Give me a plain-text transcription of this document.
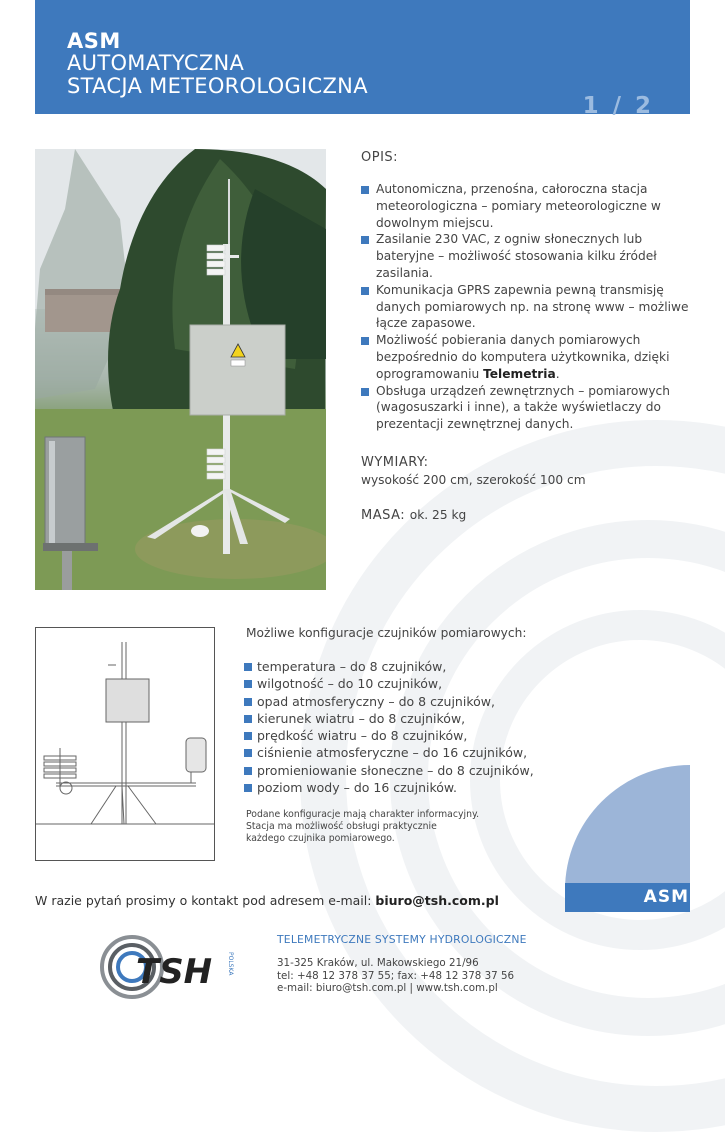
ASM
AUTOMATYCZNA
STACJA METEOROLOGICZNA
1 / 2
OPIS:
Autonomiczna, przenośna, całoroczna stacja meteorologiczna – pomiary meteorologiczne w dowolnym miejscu.
Zasilanie 230 VAC, z ogniw słonecznych lub bateryjne – możliwość stosowania kilku źródeł zasilania.
Komunikacja GPRS zapewnia pewną transmisję danych pomiarowych np. na stronę www – możliwe łącze zapasowe.
Możliwość pobierania danych pomiarowych bezpośrednio do komputera użytkownika, dzięki oprogramowaniu Telemetria.
Obsługa urządzeń zewnętrznych – pomiarowych (wagosuszarki i inne), a także wyświetlaczy do prezentacji zewnętrznej danych.
WYMIARY:
wysokość 200 cm, szerokość 100 cm
MASA: ok. 25 kg
Możliwe konfiguracje czujników pomiarowych:
temperatura – do 8 czujników,
wilgotność – do 10 czujników,
opad atmosferyczny – do 8 czujników,
kierunek wiatru – do 8 czujników,
prędkość wiatru – do 8 czujników,
ciśnienie atmosferyczne – do 16 czujników,
promieniowanie słoneczne – do 8 czujników,
poziom wody – do 16 czujników.
Podane konfiguracje mają charakter informacyjny.
Stacja ma możliwość obsługi praktycznie
każdego czujnika pomiarowego.
W razie pytań prosimy o kontakt pod adresem e-mail: biuro@tsh.com.pl	ASM
TSH POLSKA
TELEMETRYCZNE SYSTEMY HYDROLOGICZNE
31-325 Kraków, ul. Makowskiego 21/96
tel: +48 12 378 37 55; fax: +48 12 378 37 56
e-mail: biuro@tsh.com.pl | www.tsh.com.pl
